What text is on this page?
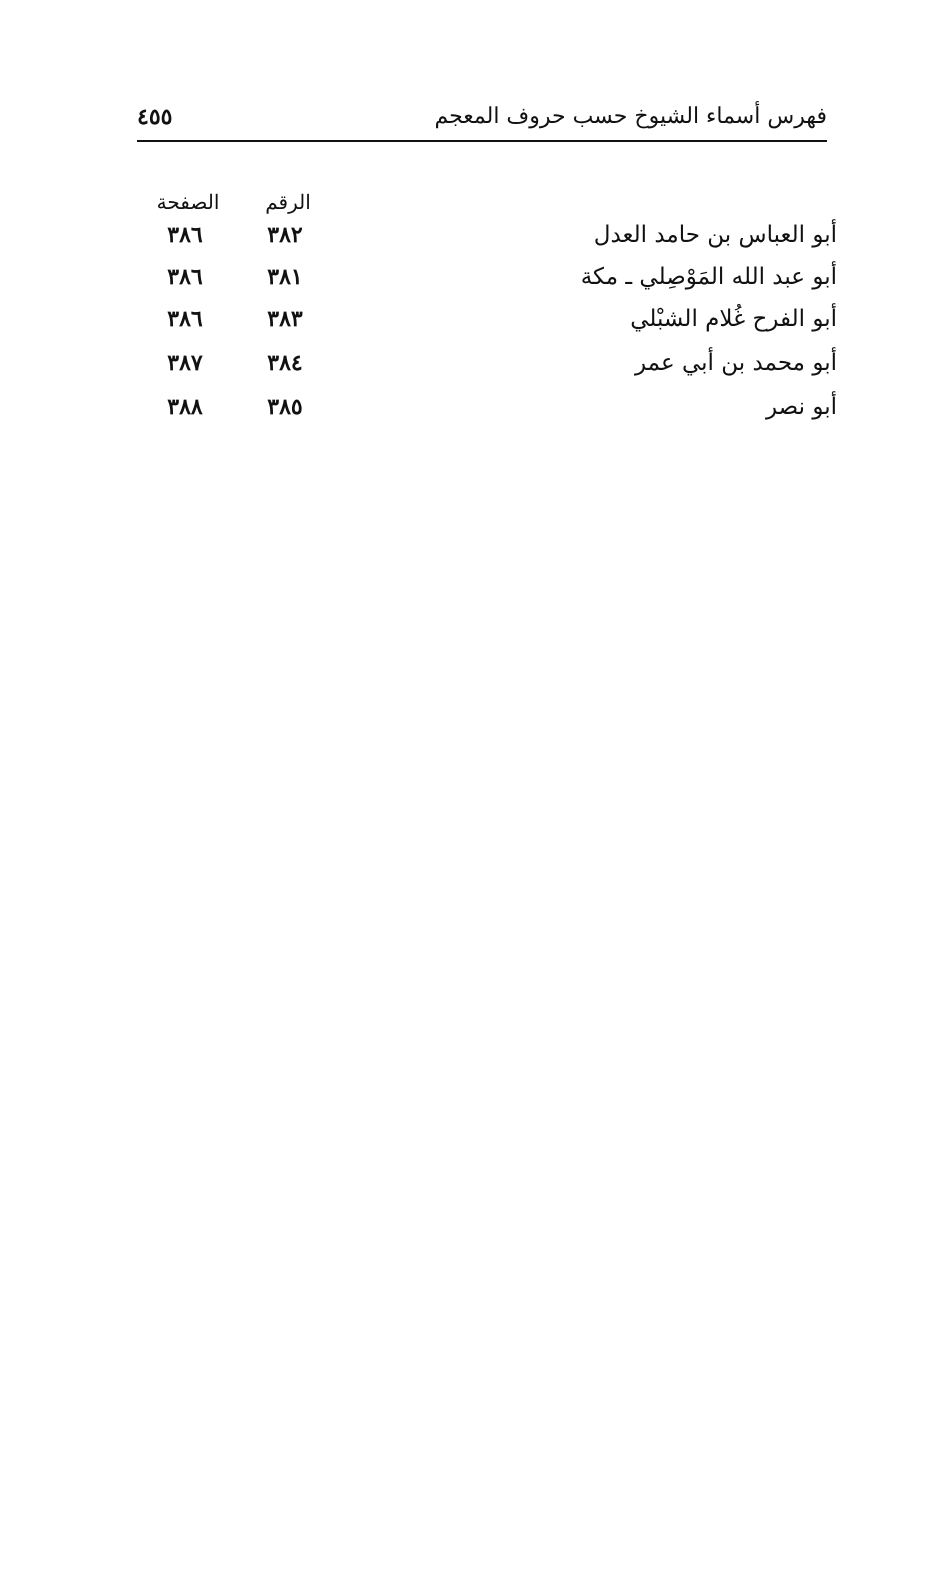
فهرس أسماء الشيوخ حسب حروف المعجم
٤٥٥
الرقم
الصفحة
أبو العباس بن حامد العدل
٣٨٢
٣٨٦
أبو عبد الله المَوْصِلي ـ مكة
٣٨١
٣٨٦
أبو الفرح غُلام الشبْلي
٣٨٣
٣٨٦
أبو محمد بن أبي عمر
٣٨٤
٣٨٧
أبو نصر
٣٨٥
٣٨٨
